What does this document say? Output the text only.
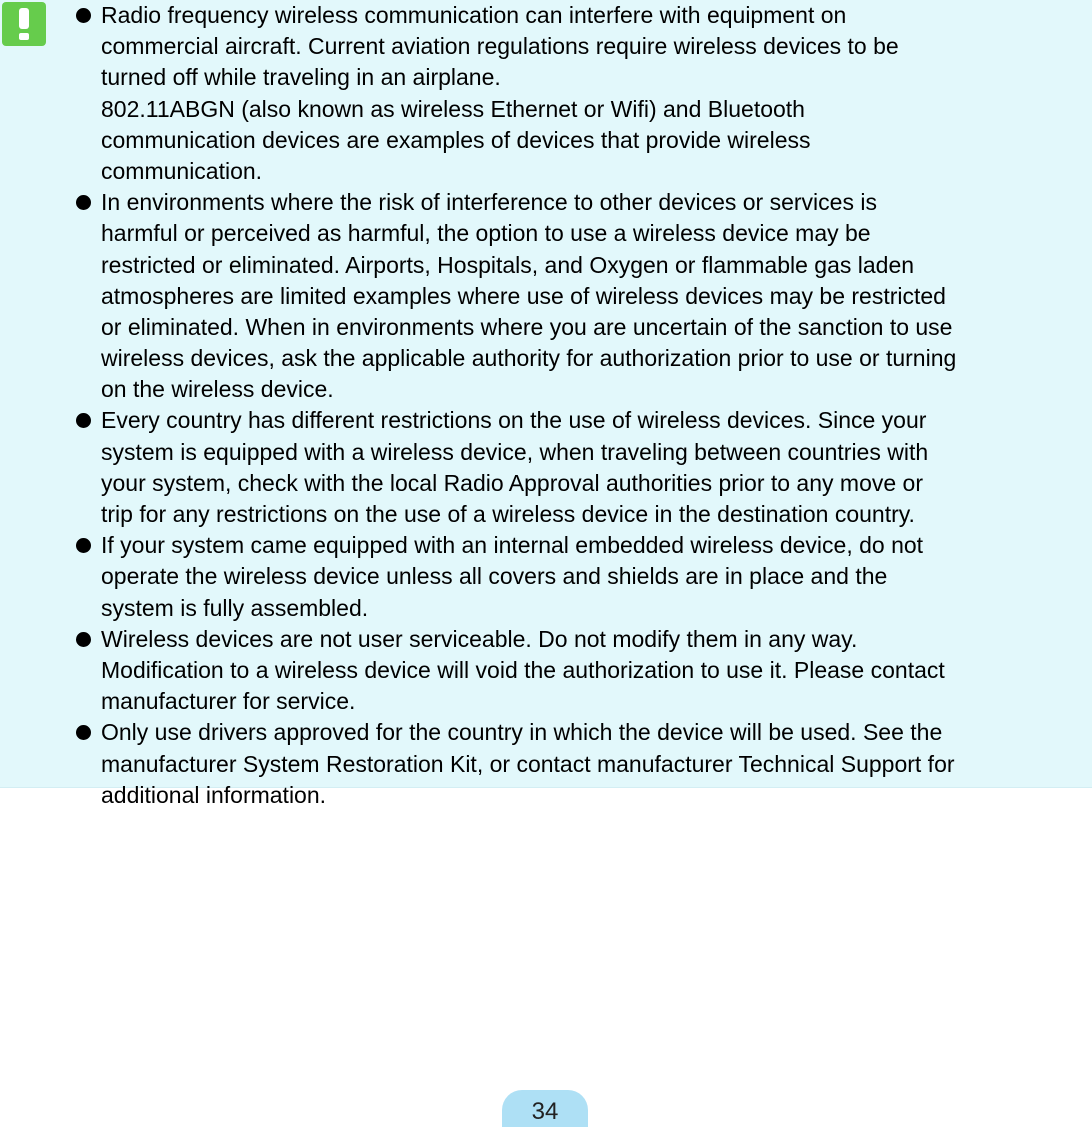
Radio frequency wireless communication can interfere with equipment on
commercial aircraft. Current aviation regulations require wireless devices to be
turned off while traveling in an airplane.
802.11ABGN (also known as wireless Ethernet or Wifi) and Bluetooth
communication devices are examples of devices that provide wireless
communication.
In environments where the risk of interference to other devices or services is
harmful or perceived as harmful, the option to use a wireless device may be
restricted or eliminated. Airports, Hospitals, and Oxygen or flammable gas laden
atmospheres are limited examples where use of wireless devices may be restricted
or eliminated. When in environments where you are uncertain of the sanction to use
wireless devices, ask the applicable authority for authorization prior to use or turning
on the wireless device.
Every country has different restrictions on the use of wireless devices. Since your
system is equipped with a wireless device, when traveling between countries with
your system, check with the local Radio Approval authorities prior to any move or
trip for any restrictions on the use of a wireless device in the destination country.
If your system came equipped with an internal embedded wireless device, do not
operate the wireless device unless all covers and shields are in place and the
system is fully assembled.
Wireless devices are not user serviceable. Do not modify them in any way.
Modification to a wireless device will void the authorization to use it. Please contact
manufacturer for service.
Only use drivers approved for the country in which the device will be used. See the
manufacturer System Restoration Kit, or contact manufacturer Technical Support for
additional information.
34
